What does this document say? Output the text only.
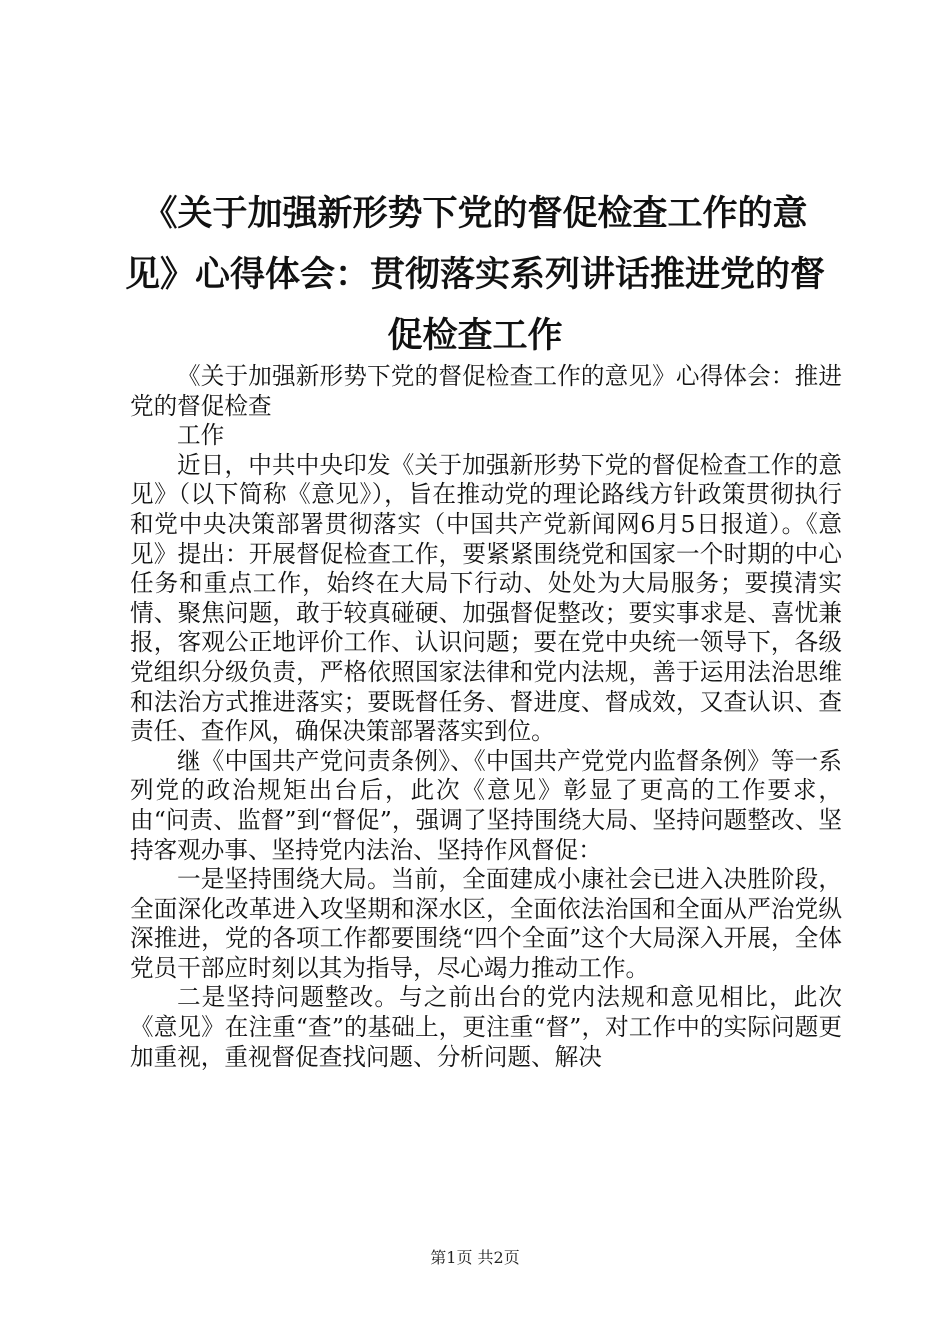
《关于加强新形势下党的督促检查工作的意
见》心得体会：贯彻落实系列讲话推进党的督
促检查工作

《关于加强新形势下党的督促检查工作的意见》心得体会：推进党的督促检查

工作

近日，中共中央印发《关于加强新形势下党的督促检查工作的意见》（以下简称《意见》），旨在推动党的理论路线方针政策贯彻执行和党中央决策部署贯彻落实（中国共产党新闻网6月5日报道）。《意见》提出：开展督促检查工作，要紧紧围绕党和国家一个时期的中心任务和重点工作，始终在大局下行动、处处为大局服务；要摸清实情、聚焦问题，敢于较真碰硬、加强督促整改；要实事求是、喜忧兼报，客观公正地评价工作、认识问题；要在党中央统一领导下，各级党组织分级负责，严格依照国家法律和党内法规，善于运用法治思维和法治方式推进落实；要既督任务、督进度、督成效，又查认识、查责任、查作风，确保决策部署落实到位。

继《中国共产党问责条例》、《中国共产党党内监督条例》等一系列党的政治规矩出台后，此次《意见》彰显了更高的工作要求，由“问责、监督”到“督促”，强调了坚持围绕大局、坚持问题整改、坚持客观办事、坚持党内法治、坚持作风督促：

一是坚持围绕大局。当前，全面建成小康社会已进入决胜阶段，全面深化改革进入攻坚期和深水区，全面依法治国和全面从严治党纵深推进，党的各项工作都要围绕“四个全面”这个大局深入开展，全体党员干部应时刻以其为指导，尽心竭力推动工作。

二是坚持问题整改。与之前出台的党内法规和意见相比，此次《意见》在注重“查”的基础上，更注重“督”，对工作中的实际问题更加重视，重视督促查找问题、分析问题、解决

第1页 共2页
